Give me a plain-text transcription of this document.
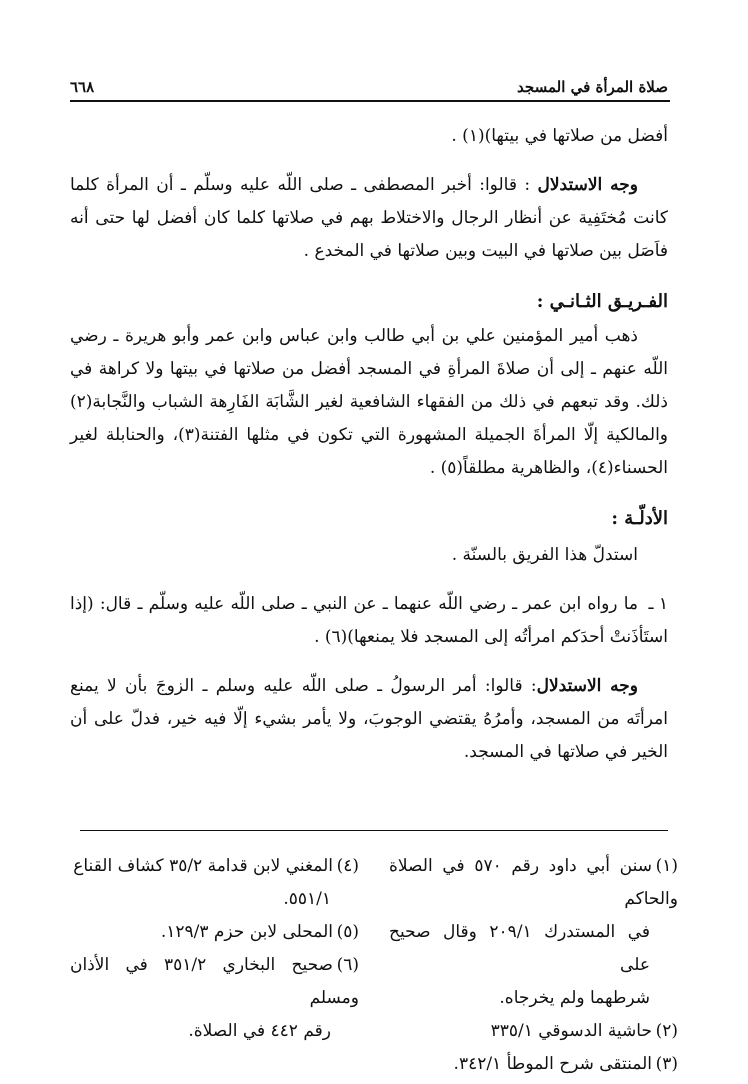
صلاة المرأة في المسجد
٦٦٨

أفضل من صلاتها في بيتها)(١) .

وجه الاستدلال : قالوا: أخبر المصطفى ـ صلى اللّه عليه وسلّم ـ أن المرأة كلما كانت مُختَفِية عن أنظار الرجال والاختلاط بهم في صلاتها كلما كان أفضل لها حتى أنه فاَصَل بين صلاتها في البيت وبين صلاتها في المخدع .

الفـريـق الثـانـي :

ذهب أمير المؤمنين علي بن أبي طالب وابن عباس وابن عمر وأبو هريرة ـ رضي اللّه عنهم ـ إلى أن صلاةَ المرأةِ في المسجد أفضل من صلاتها في بيتها ولا كراهة في ذلك. وقد تبعهم في ذلك من الفقهاء الشافعية لغير الشَّابَة الفَارِهة الشباب والنَّجابة(٢) والمالكية إلّا المرأةَ الجميلة المشهورة التي تكون في مثلها الفتنة(٣)، والحنابلة لغير الحسناء(٤)، والظاهرية مطلقاً(٥) .

الأدلّـة :

استدلّ هذا الفريق بالسنّة .

١ ـما رواه ابن عمر ـ رضي اللّه عنهما ـ عن النبي ـ صلى اللّه عليه وسلّم ـ قال: (إذا استَأذَنتْ أحدَكم امرأتُه إلى المسجد فلا يمنعها)(٦) .

وجه الاستدلال: قالوا: أمر الرسولُ ـ صلى اللّه عليه وسلم ـ الزوجَ بأن لا يمنع امرأتَه من المسجد، وأمرُهُ يقتضي الوجوبَ، ولا يأمر بشيء إلّا فيه خير، فدلّ على أن الخير في صلاتها في المسجد.

(١)سنن أبي داود رقم ٥٧٠ في الصلاة والحاكم

في المستدرك ٢٠٩/١ وقال صحيح على

شرطهما ولم يخرجاه.

(٢)حاشية الدسوقي ٣٣٥/١

(٣)المنتقى شرح الموطأ ٣٤٢/١.

(٤)المغني لابن قدامة ٣٥/٢ كشاف القناع

٥٥١/١.

(٥)المحلى لابن حزم ١٢٩/٣.

(٦)صحيح البخاري ٣٥١/٢ في الأذان ومسلم

رقم ٤٤٢ في الصلاة.
